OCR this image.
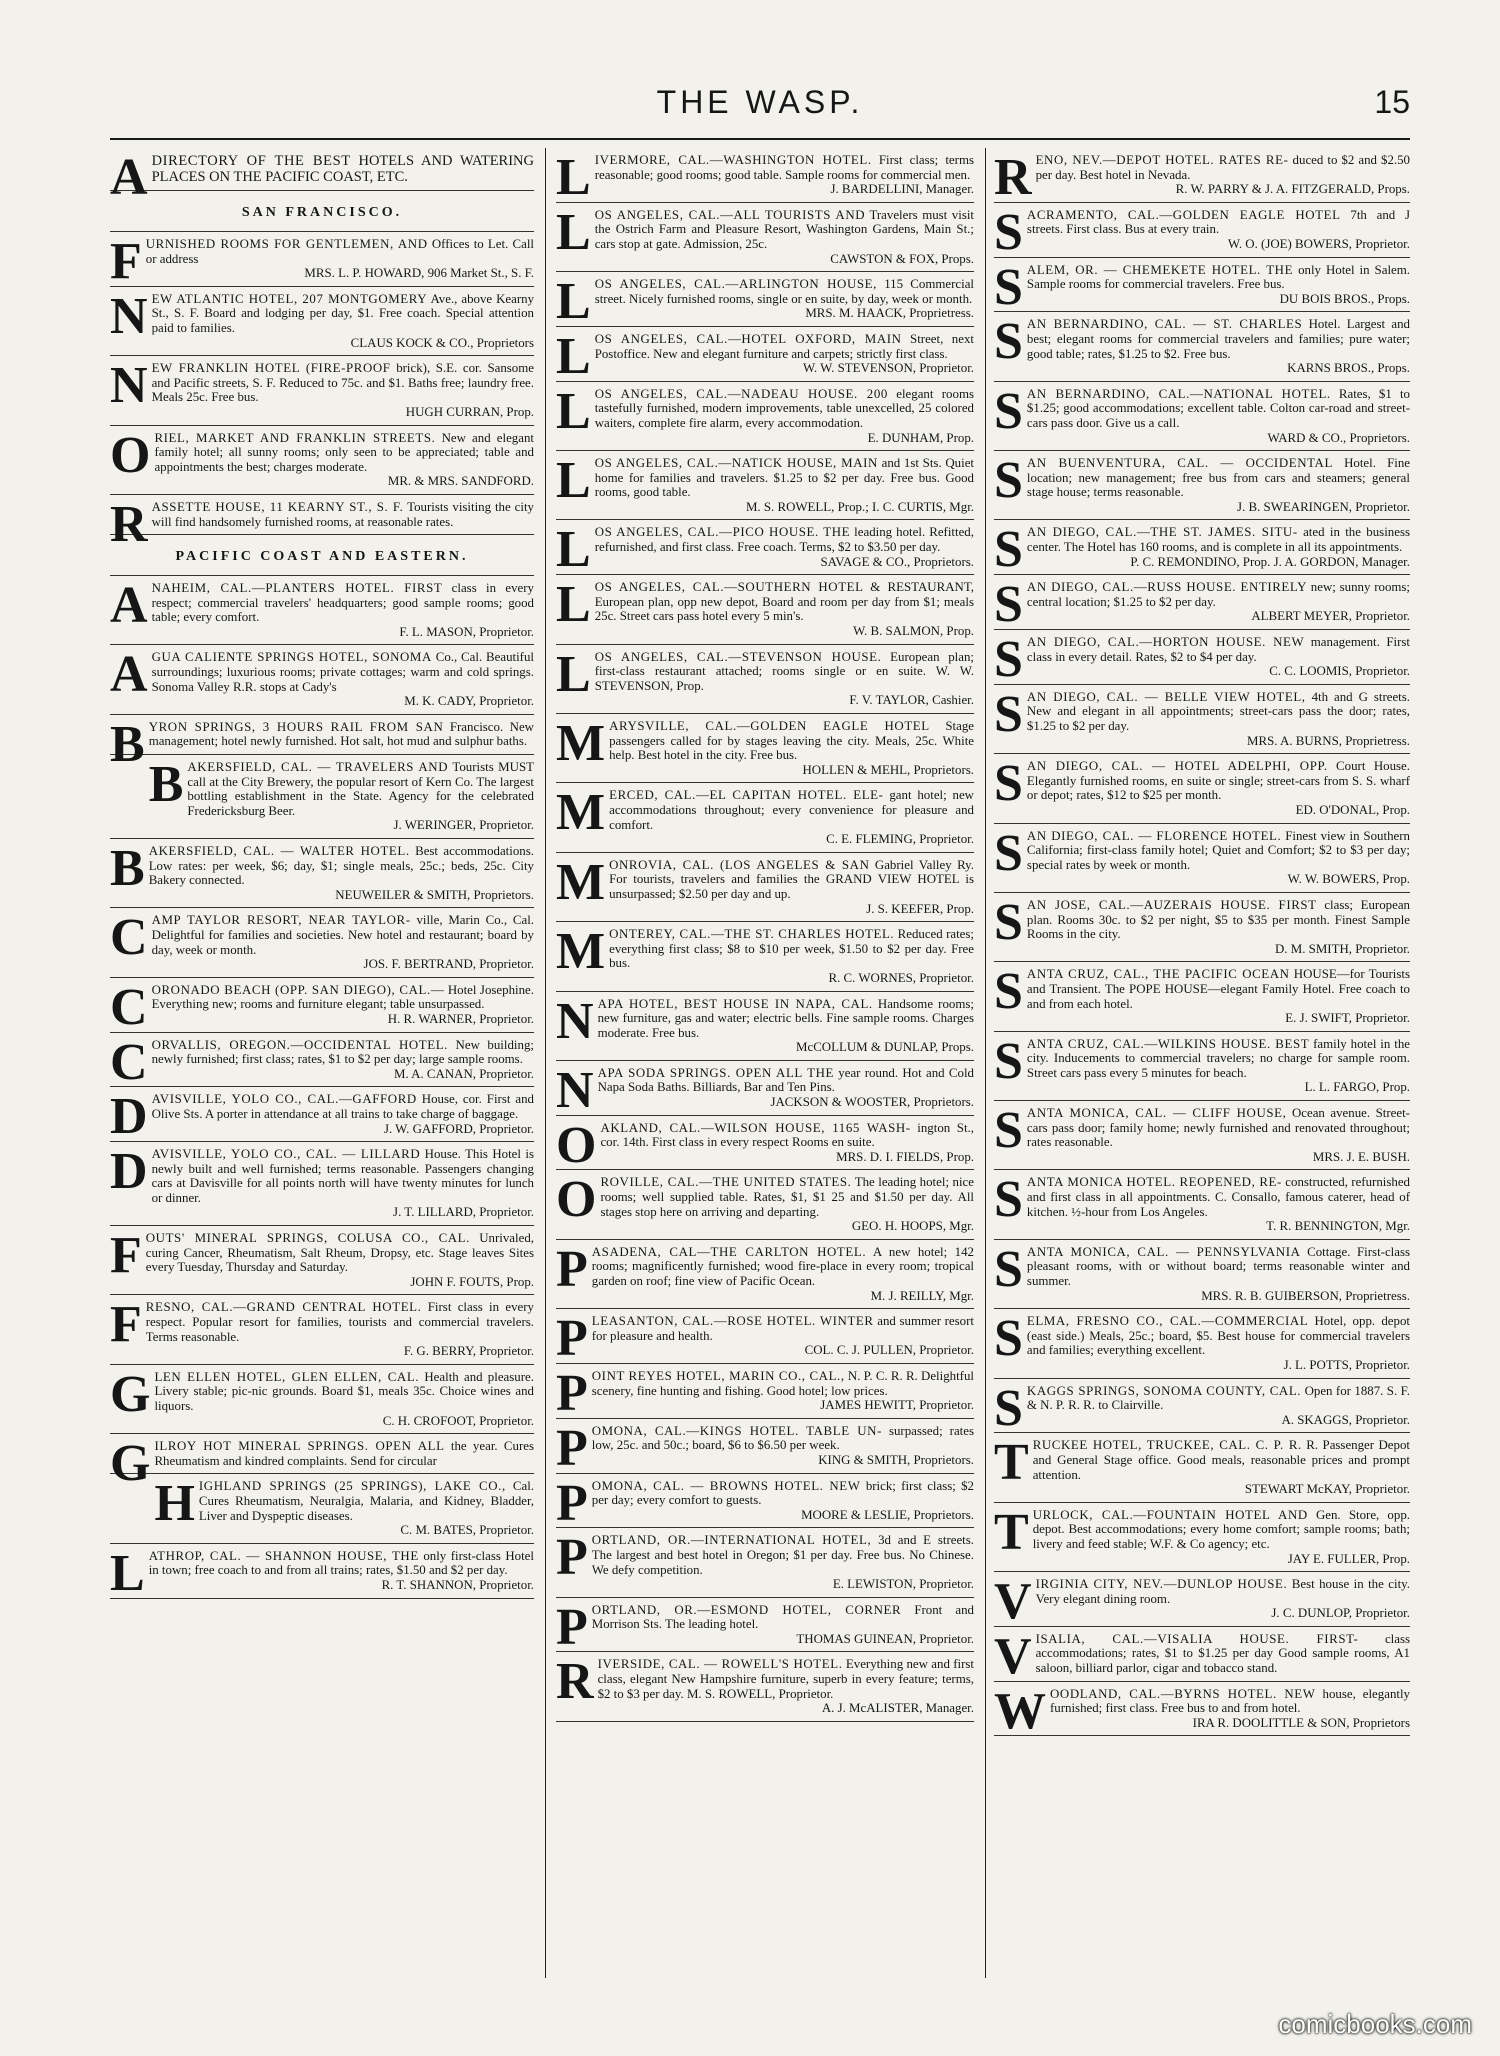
THE WASP.	15

ADIRECTORY OF THE BEST HOTELS AND WATERING PLACES ON THE PACIFIC COAST, ETC.

SAN FRANCISCO.

FURNISHED ROOMS FOR GENTLEMEN, AND Offices to Let. Call or address
MRS. L. P. HOWARD, 906 Market St., S. F.

NEW ATLANTIC HOTEL, 207 MONTGOMERY Ave., above Kearny St., S. F. Board and lodging per day, $1. Free coach. Special attention paid to families.
CLAUS KOCK & CO., Proprietors

NEW FRANKLIN HOTEL (FIRE-PROOF brick), S.E. cor. Sansome and Pacific streets, S. F. Reduced to 75c. and $1. Baths free; laundry free. Meals 25c. Free bus.
HUGH CURRAN, Prop.

ORIEL, MARKET AND FRANKLIN STREETS. New and elegant family hotel; all sunny rooms; only seen to be appreciated; table and appointments the best; charges moderate.
MR. & MRS. SANDFORD.

RASSETTE HOUSE, 11 KEARNY ST., S. F. Tourists visiting the city will find handsomely furnished rooms, at reasonable rates.

PACIFIC COAST AND EASTERN.

ANAHEIM, CAL.—PLANTERS HOTEL. FIRST class in every respect; commercial travelers' headquarters; good sample rooms; good table; every comfort.
F. L. MASON, Proprietor.

AGUA CALIENTE SPRINGS HOTEL, SONOMA Co., Cal. Beautiful surroundings; luxurious rooms; private cottages; warm and cold springs. Sonoma Valley R.R. stops at Cady's
M. K. CADY, Proprietor.

BYRON SPRINGS, 3 HOURS RAIL FROM SAN Francisco. New management; hotel newly furnished. Hot salt, hot mud and sulphur baths.

BAKERSFIELD, CAL. — TRAVELERS AND Tourists MUST call at the City Brewery, the popular resort of Kern Co. The largest bottling establishment in the State. Agency for the celebrated Fredericksburg Beer.
J. WERINGER, Proprietor.

BAKERSFIELD, CAL. — WALTER HOTEL. Best accommodations. Low rates: per week, $6; day, $1; single meals, 25c.; beds, 25c. City Bakery connected.
NEUWEILER & SMITH, Proprietors.

CAMP TAYLOR RESORT, NEAR TAYLOR- ville, Marin Co., Cal. Delightful for families and societies. New hotel and restaurant; board by day, week or month.
JOS. F. BERTRAND, Proprietor.

CORONADO BEACH (OPP. SAN DIEGO), CAL.— Hotel Josephine. Everything new; rooms and furniture elegant; table unsurpassed.
H. R. WARNER, Proprietor.

CORVALLIS, OREGON.—OCCIDENTAL HOTEL. New building; newly furnished; first class; rates, $1 to $2 per day; large sample rooms.
M. A. CANAN, Proprietor.

DAVISVILLE, YOLO CO., CAL.—GAFFORD House, cor. First and Olive Sts. A porter in attendance at all trains to take charge of baggage.
J. W. GAFFORD, Proprietor.

DAVISVILLE, YOLO CO., CAL. — LILLARD House. This Hotel is newly built and well furnished; terms reasonable. Passengers changing cars at Davisville for all points north will have twenty minutes for lunch or dinner.
J. T. LILLARD, Proprietor.

FOUTS' MINERAL SPRINGS, COLUSA CO., CAL. Unrivaled, curing Cancer, Rheumatism, Salt Rheum, Dropsy, etc. Stage leaves Sites every Tuesday, Thursday and Saturday.
JOHN F. FOUTS, Prop.

FRESNO, CAL.—GRAND CENTRAL HOTEL. First class in every respect. Popular resort for families, tourists and commercial travelers. Terms reasonable.
F. G. BERRY, Proprietor.

GLEN ELLEN HOTEL, GLEN ELLEN, CAL. Health and pleasure. Livery stable; pic-nic grounds. Board $1, meals 35c. Choice wines and liquors.
C. H. CROFOOT, Proprietor.

GILROY HOT MINERAL SPRINGS. OPEN ALL the year. Cures Rheumatism and kindred complaints. Send for circular

HIGHLAND SPRINGS (25 SPRINGS), LAKE CO., Cal. Cures Rheumatism, Neuralgia, Malaria, and Kidney, Bladder, Liver and Dyspeptic diseases.
C. M. BATES, Proprietor.

LATHROP, CAL. — SHANNON HOUSE, THE only first-class Hotel in town; free coach to and from all trains; rates, $1.50 and $2 per day.
R. T. SHANNON, Proprietor.

LIVERMORE, CAL.—WASHINGTON HOTEL. First class; terms reasonable; good rooms; good table. Sample rooms for commercial men.
J. BARDELLINI, Manager.

LOS ANGELES, CAL.—ALL TOURISTS AND Travelers must visit the Ostrich Farm and Pleasure Resort, Washington Gardens, Main St.; cars stop at gate. Admission, 25c.
CAWSTON & FOX, Props.

LOS ANGELES, CAL.—ARLINGTON HOUSE, 115 Commercial street. Nicely furnished rooms, single or en suite, by day, week or month.
MRS. M. HAACK, Proprietress.

LOS ANGELES, CAL.—HOTEL OXFORD, MAIN Street, next Postoffice. New and elegant furniture and carpets; strictly first class.
W. W. STEVENSON, Proprietor.

LOS ANGELES, CAL.—NADEAU HOUSE. 200 elegant rooms tastefully furnished, modern improvements, table unexcelled, 25 colored waiters, complete fire alarm, every accommodation.
E. DUNHAM, Prop.

LOS ANGELES, CAL.—NATICK HOUSE, MAIN and 1st Sts. Quiet home for families and travelers. $1.25 to $2 per day. Free bus. Good rooms, good table.
M. S. ROWELL, Prop.; I. C. CURTIS, Mgr.

LOS ANGELES, CAL.—PICO HOUSE. THE leading hotel. Refitted, refurnished, and first class. Free coach. Terms, $2 to $3.50 per day.
SAVAGE & CO., Proprietors.

LOS ANGELES, CAL.—SOUTHERN HOTEL & RESTAURANT, European plan, opp new depot, Board and room per day from $1; meals 25c. Street cars pass hotel every 5 min's.
W. B. SALMON, Prop.

LOS ANGELES, CAL.—STEVENSON HOUSE. European plan; first-class restaurant attached; rooms single or en suite. W. W. STEVENSON, Prop.
F. V. TAYLOR, Cashier.

MARYSVILLE, CAL.—GOLDEN EAGLE HOTEL Stage passengers called for by stages leaving the city. Meals, 25c. White help. Best hotel in the city. Free bus.
HOLLEN & MEHL, Proprietors.

MERCED, CAL.—EL CAPITAN HOTEL. ELE- gant hotel; new accommodations throughout; every convenience for pleasure and comfort.
C. E. FLEMING, Proprietor.

MONROVIA, CAL. (LOS ANGELES & SAN Gabriel Valley Ry. For tourists, travelers and families the GRAND VIEW HOTEL is unsurpassed; $2.50 per day and up.
J. S. KEEFER, Prop.

MONTEREY, CAL.—THE ST. CHARLES HOTEL. Reduced rates; everything first class; $8 to $10 per week, $1.50 to $2 per day. Free bus.
R. C. WORNES, Proprietor.

NAPA HOTEL, BEST HOUSE IN NAPA, CAL. Handsome rooms; new furniture, gas and water; electric bells. Fine sample rooms. Charges moderate. Free bus.
McCOLLUM & DUNLAP, Props.

NAPA SODA SPRINGS. OPEN ALL THE year round. Hot and Cold Napa Soda Baths. Billiards, Bar and Ten Pins.
JACKSON & WOOSTER, Proprietors.

OAKLAND, CAL.—WILSON HOUSE, 1165 WASH- ington St., cor. 14th. First class in every respect Rooms en suite.
MRS. D. I. FIELDS, Prop.

OROVILLE, CAL.—THE UNITED STATES. The leading hotel; nice rooms; well supplied table. Rates, $1, $1 25 and $1.50 per day. All stages stop here on arriving and departing.
GEO. H. HOOPS, Mgr.

PASADENA, CAL—THE CARLTON HOTEL. A new hotel; 142 rooms; magnificently furnished; wood fire-place in every room; tropical garden on roof; fine view of Pacific Ocean.
M. J. REILLY, Mgr.

PLEASANTON, CAL.—ROSE HOTEL. WINTER and summer resort for pleasure and health.
COL. C. J. PULLEN, Proprietor.

POINT REYES HOTEL, MARIN CO., CAL., N. P. C. R. R. Delightful scenery, fine hunting and fishing. Good hotel; low prices.
JAMES HEWITT, Proprietor.

POMONA, CAL.—KINGS HOTEL. TABLE UN- surpassed; rates low, 25c. and 50c.; board, $6 to $6.50 per week.
KING & SMITH, Proprietors.

POMONA, CAL. — BROWNS HOTEL. NEW brick; first class; $2 per day; every comfort to guests.
MOORE & LESLIE, Proprietors.

PORTLAND, OR.—INTERNATIONAL HOTEL, 3d and E streets. The largest and best hotel in Oregon; $1 per day. Free bus. No Chinese. We defy competition.
E. LEWISTON, Proprietor.

PORTLAND, OR.—ESMOND HOTEL, CORNER Front and Morrison Sts. The leading hotel.
THOMAS GUINEAN, Proprietor.

RIVERSIDE, CAL. — ROWELL'S HOTEL. Everything new and first class, elegant New Hampshire furniture, superb in every feature; terms, $2 to $3 per day. M. S. ROWELL, Proprietor.
A. J. McALISTER, Manager.

RENO, NEV.—DEPOT HOTEL. RATES RE- duced to $2 and $2.50 per day. Best hotel in Nevada.
R. W. PARRY & J. A. FITZGERALD, Props.

SACRAMENTO, CAL.—GOLDEN EAGLE HOTEL 7th and J streets. First class. Bus at every train.
W. O. (JOE) BOWERS, Proprietor.

SALEM, OR. — CHEMEKETE HOTEL. THE only Hotel in Salem. Sample rooms for commercial travelers. Free bus.
DU BOIS BROS., Props.

SAN BERNARDINO, CAL. — ST. CHARLES Hotel. Largest and best; elegant rooms for commercial travelers and families; pure water; good table; rates, $1.25 to $2. Free bus.
KARNS BROS., Props.

SAN BERNARDINO, CAL.—NATIONAL HOTEL. Rates, $1 to $1.25; good accommodations; excellent table. Colton car-road and street-cars pass door. Give us a call.
WARD & CO., Proprietors.

SAN BUENVENTURA, CAL. — OCCIDENTAL Hotel. Fine location; new management; free bus from cars and steamers; general stage house; terms reasonable.
J. B. SWEARINGEN, Proprietor.

SAN DIEGO, CAL.—THE ST. JAMES. SITU- ated in the business center. The Hotel has 160 rooms, and is complete in all its appointments.
P. C. REMONDINO, Prop. J. A. GORDON, Manager.

SAN DIEGO, CAL.—RUSS HOUSE. ENTIRELY new; sunny rooms; central location; $1.25 to $2 per day.
ALBERT MEYER, Proprietor.

SAN DIEGO, CAL.—HORTON HOUSE. NEW management. First class in every detail. Rates, $2 to $4 per day.
C. C. LOOMIS, Proprietor.

SAN DIEGO, CAL. — BELLE VIEW HOTEL, 4th and G streets. New and elegant in all appointments; street-cars pass the door; rates, $1.25 to $2 per day.
MRS. A. BURNS, Proprietress.

SAN DIEGO, CAL. — HOTEL ADELPHI, OPP. Court House. Elegantly furnished rooms, en suite or single; street-cars from S. S. wharf or depot; rates, $12 to $25 per month.
ED. O'DONAL, Prop.

SAN DIEGO, CAL. — FLORENCE HOTEL. Finest view in Southern California; first-class family hotel; Quiet and Comfort; $2 to $3 per day; special rates by week or month.
W. W. BOWERS, Prop.

SAN JOSE, CAL.—AUZERAIS HOUSE. FIRST class; European plan. Rooms 30c. to $2 per night, $5 to $35 per month. Finest Sample Rooms in the city.
D. M. SMITH, Proprietor.

SANTA CRUZ, CAL., THE PACIFIC OCEAN HOUSE—for Tourists and Transient. The POPE HOUSE—elegant Family Hotel. Free coach to and from each hotel.
E. J. SWIFT, Proprietor.

SANTA CRUZ, CAL.—WILKINS HOUSE. BEST family hotel in the city. Inducements to commercial travelers; no charge for sample room. Street cars pass every 5 minutes for beach.
L. L. FARGO, Prop.

SANTA MONICA, CAL. — CLIFF HOUSE, Ocean avenue. Street-cars pass door; family home; newly furnished and renovated throughout; rates reasonable.
MRS. J. E. BUSH.

SANTA MONICA HOTEL. REOPENED, RE- constructed, refurnished and first class in all appointments. C. Consallo, famous caterer, head of kitchen. ½-hour from Los Angeles.
T. R. BENNINGTON, Mgr.

SANTA MONICA, CAL. — PENNSYLVANIA Cottage. First-class pleasant rooms, with or without board; terms reasonable winter and summer.
MRS. R. B. GUIBERSON, Proprietress.

SELMA, FRESNO CO., CAL.—COMMERCIAL Hotel, opp. depot (east side.) Meals, 25c.; board, $5. Best house for commercial travelers and families; everything excellent.
J. L. POTTS, Proprietor.

SKAGGS SPRINGS, SONOMA COUNTY, CAL. Open for 1887. S. F. & N. P. R. R. to Clairville.
A. SKAGGS, Proprietor.

TRUCKEE HOTEL, TRUCKEE, CAL. C. P. R. R. Passenger Depot and General Stage office. Good meals, reasonable prices and prompt attention.
STEWART McKAY, Proprietor.

TURLOCK, CAL.—FOUNTAIN HOTEL AND Gen. Store, opp. depot. Best accommodations; every home comfort; sample rooms; bath; livery and feed stable; W.F. & Co agency; etc.
JAY E. FULLER, Prop.

VIRGINIA CITY, NEV.—DUNLOP HOUSE. Best house in the city. Very elegant dining room.
J. C. DUNLOP, Proprietor.

VISALIA, CAL.—VISALIA HOUSE. FIRST- class accommodations; rates, $1 to $1.25 per day Good sample rooms, A1 saloon, billiard parlor, cigar and tobacco stand.

WOODLAND, CAL.—BYRNS HOTEL. NEW house, elegantly furnished; first class. Free bus to and from hotel.
IRA R. DOOLITTLE & SON, Proprietors

comicbooks.com
